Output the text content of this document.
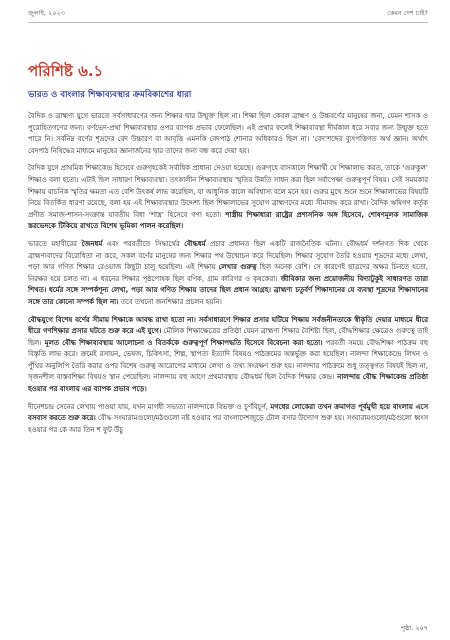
জুলাই, ২০২৩	কেমন দেশ চাই?
পরিশিষ্ট ৬.১
ভারত ও বাংলার শিক্ষাব্যবস্থার ক্রমবিকাশের ধারা

বৈদিক ও ব্রাহ্মণ্য যুগে ভারতে সর্বসাধারণের জন্য শিক্ষার দ্বার উন্মুক্ত ছিল না। শিক্ষা ছিল কেবল ব্রাহ্মণ ও উচ্চবর্ণের মানুষের জন্য, যেমন শাসক ও পুরোহিতগণের জন্য। বর্ণভেদ-প্রথা শিক্ষাব্যবস্থার ওপর ব্যাপক প্রভাব ফেলেছিল। এই প্রথার ফলেই শিক্ষাব্যবস্থা দীর্ঘকাল ধরে সবার জন্য উন্মুক্ত হতে পারে নি। সর্বনিম্ন বর্ণের শূদ্রদের বেদ উচ্চারণ বা আবৃত্তি এমনকি বেদপাঠ শোনার অধিকারও ছিল না। ‘বেদ’শব্দের ব্যুৎপত্তিগত অর্থ জ্ঞান। অর্থাৎ বেদপাঠ নিষিদ্ধের মাধ্যমে মানুষের জ্ঞানার্জনের দ্বার তাদের জন্য বন্ধ করে দেয়া হয়।

বৈদিক যুগে প্রাথমিক শিক্ষাকেন্দ্র হিসেবে গুরুগৃহকেই সর্বাধিক প্রাধান্য দেওয়া হয়েছে। গুরুগৃহে বাসকালে শিক্ষার্থী যে শিক্ষালাভ করত, তাকে ‘গুরুকুল’ শিক্ষাও বলা হতো। এটাই ছিল সাধারণ শিক্ষাব্যবস্থা। তৎকালীন শিক্ষাব্যবস্থায় স্মৃতির উন্নতি সাধন করা ছিল সর্বাপেক্ষা গুরুত্বপূর্ণ বিষয়। সেই সময়কার শিক্ষায় বাচনিক স্মৃতির ক্ষমতা এত বেশি উৎকর্ষ লাভ করেছিল, যা আধুনিক কালে অবিশ্বাস্য বলে মনে হয়। গুরুর মুখে শুনে শুনে শিক্ষালাভের বিষয়টি নিয়ে বিতর্কিত ধারণা রয়েছে, বলা হয় এই শিক্ষাব্যবস্থার উদ্দেশ্য ছিল শিক্ষালাভের সুযোগ ব্রাহ্মণদের মধ্যে সীমাবদ্ধ করে রাখা। বৈদিক ঋষিগণ কর্তৃক প্রণীত সমাজ-শাসন-সংক্রান্ত যাবতীয় বিধা ‘শাস্ত্র’ হিসেবে গণ্য হতো। শাস্ত্রীয় শিক্ষাধারা রাষ্ট্রের প্রশাসনিক অঙ্গ হিসেবে, শোষণমূলক সামাজিক স্তরভেদকে টিকিয়ে রাখতে বিশেষ ভূমিকা পালন করেছিল।

ভারতে মহাবীরের জৈনধর্ম এবং পরবর্তীতে সিদ্ধার্থের বৌদ্ধধর্ম প্রচার প্রধানত ছিল একটি রাজনৈতিক ঘটনা। বৌদ্ধধর্ম দর্শনগত দিক থেকে ব্রাহ্মণ্যবাদের বিরোধিতা না করে, সকল বর্ণের মানুষের জন্য শিক্ষার পথ উন্মোচন করে দিয়েছিল। শিক্ষার সুযোগ তৈরি হওয়ায় শূদ্রদের মধ্যে লেখা, পড়া আর গণিত শিক্ষার রেওয়াজ কিছুটা চালু হয়েছিল। এই শিক্ষায় লেখার গুরুত্ব ছিল অনেক বেশি। সে কারণেই ছাত্রদের অক্ষর চিনতে হতো, নিরক্ষর হয়ে চলত না। এ ধরনের শিক্ষার পৃষ্ঠপোষক ছিল বণিক, গ্রাম কারিগর ও কৃষকেরা। জীবিকার জন্য প্রয়োজনীয় বিদ্যাটুকুই সাধারণত তারা শিখত। ধর্মের সঙ্গে সম্পর্কশূন্য লেখা, পড়া আর গণিত শিক্ষায় তাদের ছিল প্রধান আগ্রহ। ব্রাহ্মণ্য চতুর্বর্ণ শিক্ষাদানের যে ব্যবস্থা শূদ্রদের শিক্ষাদানের সঙ্গে তার কোনো সম্পর্ক ছিল না। তবে তখনো জনশিক্ষার প্রচলন হয়নি।

বৌদ্ধযুগে বিশেষ বর্ণের সীমায় শিক্ষাকে আবদ্ধ রাখা হতো না। সর্বসাধারণে শিক্ষার প্রসার ঘটিয়ে শিক্ষায় সর্বজনীনতাকে স্বীকৃতি দেয়ার মাধ্যমে ধীরে ধীরে গণশিক্ষার প্রসার ঘটতে শুরু করে এই যুগে। মৌলিক শিক্ষাক্ষেত্রের প্রতিষ্ঠা যেমন ব্রাহ্মণ্য শিক্ষার বৈশিষ্ট্য ছিল, বৌদ্ধশিক্ষার ক্ষেত্রেও গুরুত্বে তাই ছিল। মূলত বৌদ্ধ শিক্ষাব্যবস্থায় আলোচনা ও বিতর্ককে গুরুত্বপূর্ণ শিক্ষাপদ্ধতি হিসেবে বিবেচনা করা হতো। পরবর্তী সময়ে বৌদ্ধশিক্ষা পাঠক্রম বহু বিস্তৃতি লাভ করে। ক্রমেই রসায়ন, ভেষজ, চিকিৎসা, শিল্প, স্থাপত্য ইত্যাদি বিষয়ও পাঠক্রমের অন্তর্ভুক্ত করা হয়েছিল। নালন্দা শিক্ষাকেন্দ্রে লিখন ও পুঁথির অনুলিপি তৈরি করার ওপর বিশেষ গুরুত্ব আরোপের মাধ্যমে লেখা ও তথ্য সংরক্ষণ শুরু হয়। নালন্দার পাঠক্রমে শুধু তত্ত্বগত বিষয়ই ছিল না, সৃজনশীল বাস্তবশিক্ষা বিষয়ও স্থান পেয়েছিল। নালন্দায় বহু আগে প্রথমাবস্থায় বৌদ্ধধর্ম ছিল বৈদিক শিক্ষার কেন্দ্র। নালন্দায় বৌদ্ধ শিক্ষাকেন্দ্র প্রতিষ্ঠা হওয়ার পর বাংলায় এর ব্যাপক প্রভাব পড়ে।

দীনেশচন্দ্র সেনের লেখায় পাওয়া যায়, যখন মাগধী সভ্যতা নালন্দাকে বিভক্ত ও চূর্ণবিচূর্ণ, মগধের লোকেরা তখন ক্রমাগত পূর্বমুখী হয়ে বাংলায় এসে বসবাস করতে শুরু করে। বৌদ্ধ সংঘারামগুলো/মঠগুলো নষ্ট হওয়ার পর বাংলাদেশজুড়ে টোল বসার উদ্যোগ শুরু হয়। সংঘারামগুলো/মঠগুলো ধ্বংস হওয়ার পর কে আর তিন শ ফুট উঁচু

পৃষ্ঠা. ২০৭
